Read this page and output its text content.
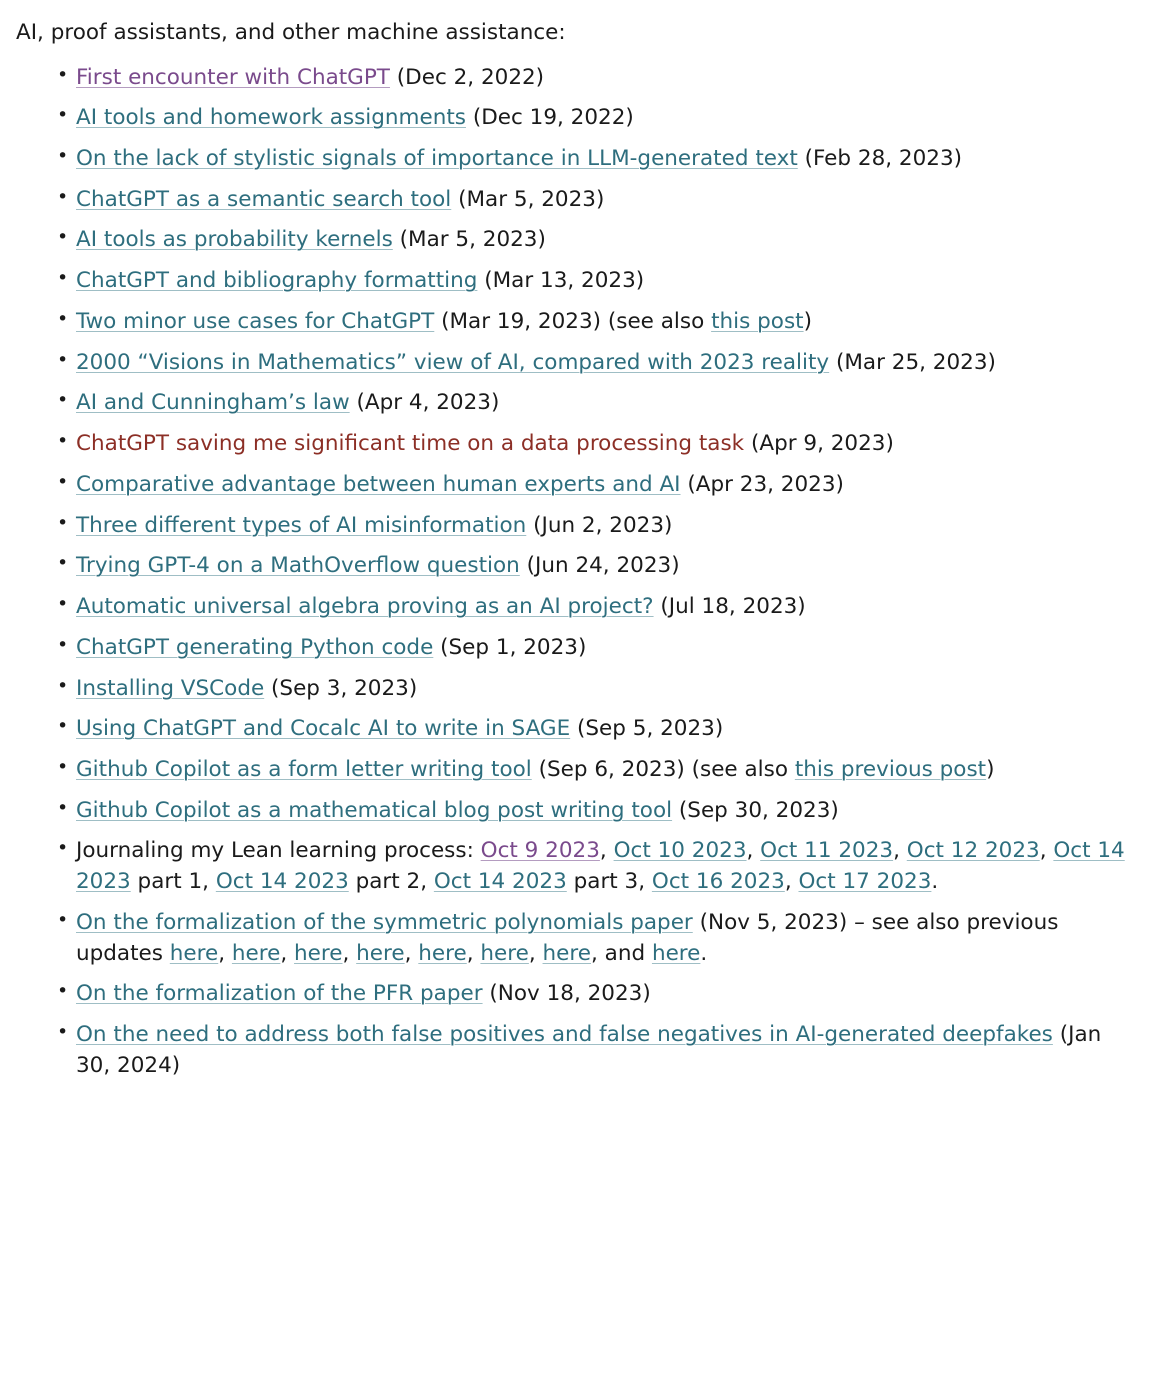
AI, proof assistants, and other machine assistance:

• First encounter with ChatGPT (Dec 2, 2022)
• AI tools and homework assignments (Dec 19, 2022)
• On the lack of stylistic signals of importance in LLM-generated text (Feb 28, 2023)
• ChatGPT as a semantic search tool (Mar 5, 2023)
• AI tools as probability kernels (Mar 5, 2023)
• ChatGPT and bibliography formatting (Mar 13, 2023)
• Two minor use cases for ChatGPT (Mar 19, 2023) (see also this post)
• 2000 “Visions in Mathematics” view of AI, compared with 2023 reality (Mar 25, 2023)
• AI and Cunningham’s law (Apr 4, 2023)
• ChatGPT saving me significant time on a data processing task (Apr 9, 2023)
• Comparative advantage between human experts and AI (Apr 23, 2023)
• Three different types of AI misinformation (Jun 2, 2023)
• Trying GPT-4 on a MathOverflow question (Jun 24, 2023)
• Automatic universal algebra proving as an AI project? (Jul 18, 2023)
• ChatGPT generating Python code (Sep 1, 2023)
• Installing VSCode (Sep 3, 2023)
• Using ChatGPT and Cocalc AI to write in SAGE (Sep 5, 2023)
• Github Copilot as a form letter writing tool (Sep 6, 2023) (see also this previous post)
• Github Copilot as a mathematical blog post writing tool (Sep 30, 2023)
• Journaling my Lean learning process: Oct 9 2023, Oct 10 2023, Oct 11 2023, Oct 12 2023, Oct 14 2023 part 1, Oct 14 2023 part 2, Oct 14 2023 part 3, Oct 16 2023, Oct 17 2023.
• On the formalization of the symmetric polynomials paper (Nov 5, 2023) – see also previous updates here, here, here, here, here, here, here, and here.
• On the formalization of the PFR paper (Nov 18, 2023)
• On the need to address both false positives and false negatives in AI-generated deepfakes (Jan 30, 2024)
